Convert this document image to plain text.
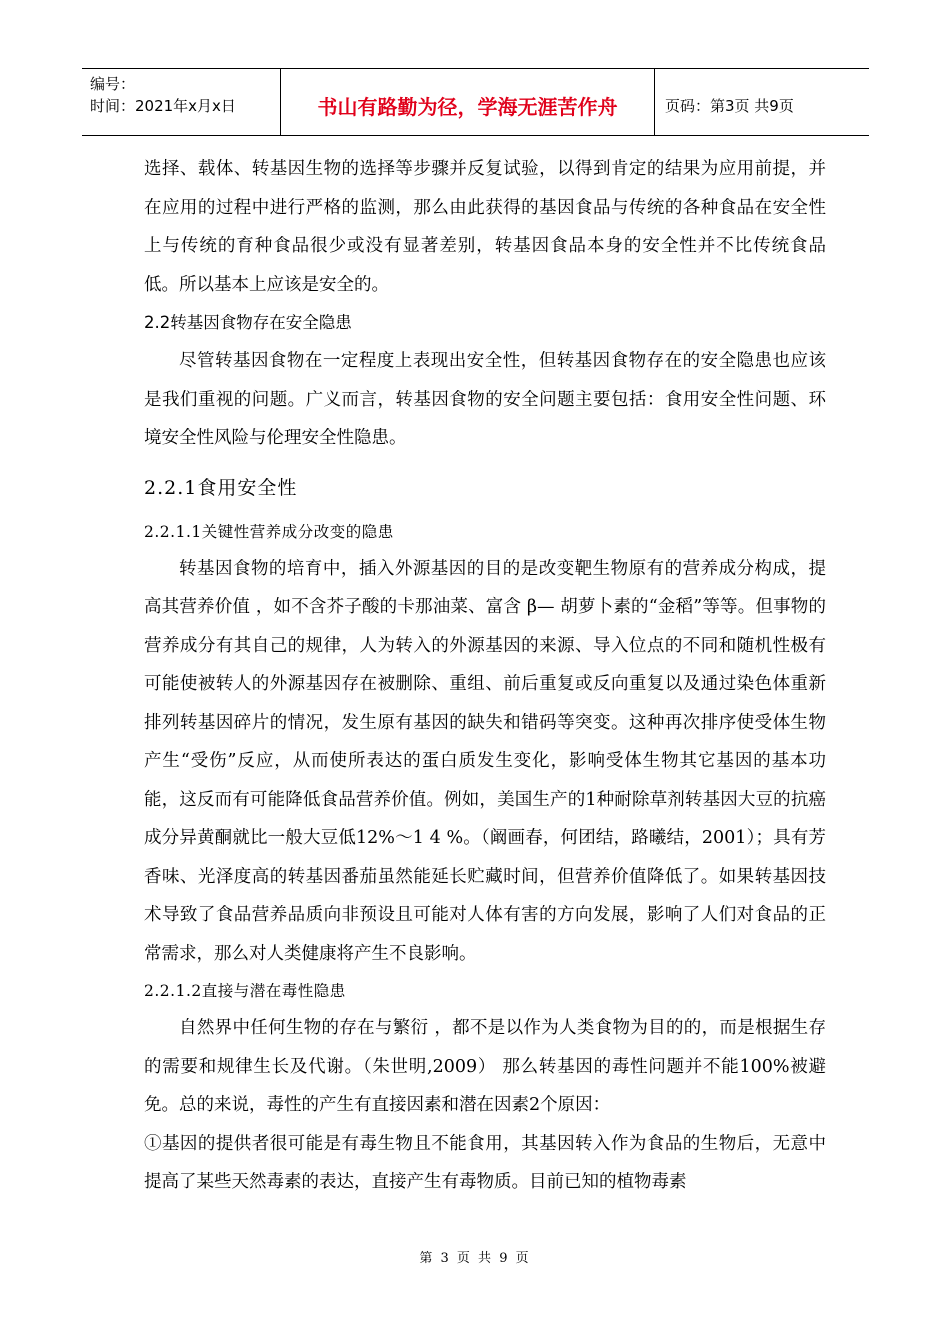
编号：
时间：2021年x月x日	书山有路勤为径，学海无涯苦作舟	页码：第3页 共9页

选择、载体、转基因生物的选择等步骤并反复试验，以得到肯定的结果为应用前提，并在应用的过程中进行严格的监测，那么由此获得的基因食品与传统的各种食品在安全性上与传统的育种食品很少或没有显著差别，转基因食品本身的安全性并不比传统食品低。所以基本上应该是安全的。

2.2转基因食物存在安全隐患

尽管转基因食物在一定程度上表现出安全性，但转基因食物存在的安全隐患也应该是我们重视的问题。广义而言，转基因食物的安全问题主要包括：食用安全性问题、环境安全性风险与伦理安全性隐患。

2.2.1食用安全性

2.2.1.1关键性营养成分改变的隐患

转基因食物的培育中，插入外源基因的目的是改变靶生物原有的营养成分构成，提高其营养价值 ，如不含芥子酸的卡那油菜、富含 β— 胡萝卜素的“金稻”等等。但事物的营养成分有其自己的规律，人为转入的外源基因的来源、导入位点的不同和随机性极有可能使被转人的外源基因存在被删除、重组、前后重复或反向重复以及通过染色体重新排列转基因碎片的情况，发生原有基因的缺失和错码等突变。这种再次排序使受体生物产生“受伤”反应，从而使所表达的蛋白质发生变化，影响受体生物其它基因的基本功能，这反而有可能降低食品营养价值。例如，美国生产的1种耐除草剂转基因大豆的抗癌成分异黄酮就比一般大豆低12%～1 4 %。（阚画春，何团结，路曦结，2001）；具有芳香味、光泽度高的转基因番茄虽然能延长贮藏时间，但营养价值降低了。如果转基因技术导致了食品营养品质向非预设且可能对人体有害的方向发展，影响了人们对食品的正常需求，那么对人类健康将产生不良影响。

2.2.1.2直接与潜在毒性隐患

自然界中任何生物的存在与繁衍 ，都不是以作为人类食物为目的的，而是根据生存的需要和规律生长及代谢。（朱世明,2009） 那么转基因的毒性问题并不能100%被避免。总的来说，毒性的产生有直接因素和潜在因素2个原因：

①基因的提供者很可能是有毒生物且不能食用，其基因转入作为食品的生物后，无意中提高了某些天然毒素的表达，直接产生有毒物质。目前已知的植物毒素

第 3 页 共 9 页
